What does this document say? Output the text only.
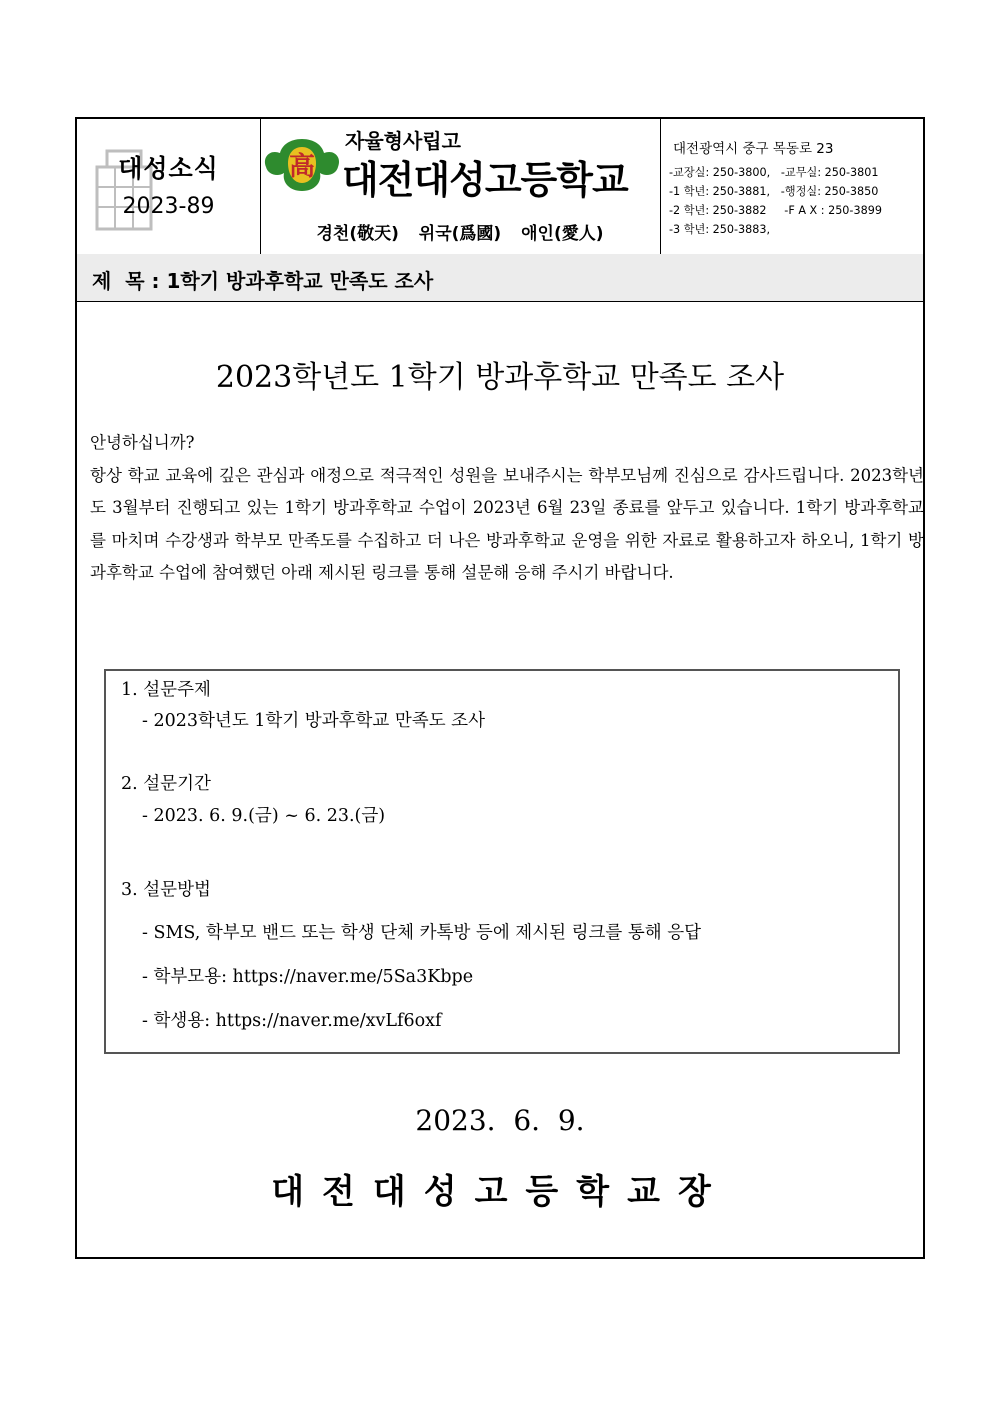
대성소식
2023-89
高
자율형사립고
대전대성고등학교
경천(敬天) 위국(爲國) 애인(愛人)
대전광역시 중구 목동로 23
-교장실: 250-3800,   -교무실: 250-3801
-1 학년: 250-3881,   -행정실: 250-3850
-2 학년: 250-3882     -F A X : 250-3899
-3 학년: 250-3883,
제  목 : 1학기 방과후학교 만족도 조사
2023학년도 1학기 방과후학교 만족도 조사

안녕하십니까?

항상 학교 교육에 깊은 관심과 애정으로 적극적인 성원을 보내주시는 학부모님께 진심으로 감사드립니다. 2023학년도 3월부터 진행되고 있는 1학기 방과후학교 수업이 2023년 6월 23일 종료를 앞두고 있습니다. 1학기 방과후학교를 마치며 수강생과 학부모 만족도를 수집하고 더 나은 방과후학교 운영을 위한 자료로 활용하고자 하오니, 1학기 방과후학교 수업에 참여했던 아래 제시된 링크를 통해 설문해 응해 주시기 바랍니다.

1. 설문주제
- 2023학년도 1학기 방과후학교 만족도 조사
2. 설문기간
- 2023. 6. 9.(금) ~ 6. 23.(금)
3. 설문방법
- SMS, 학부모 밴드 또는 학생 단체 카톡방 등에 제시된 링크를 통해 응답
- 학부모용: https://naver.me/5Sa3Kbpe
- 학생용: https://naver.me/xvLf6oxf
2023.  6.  9.
대전대성고등학교장
